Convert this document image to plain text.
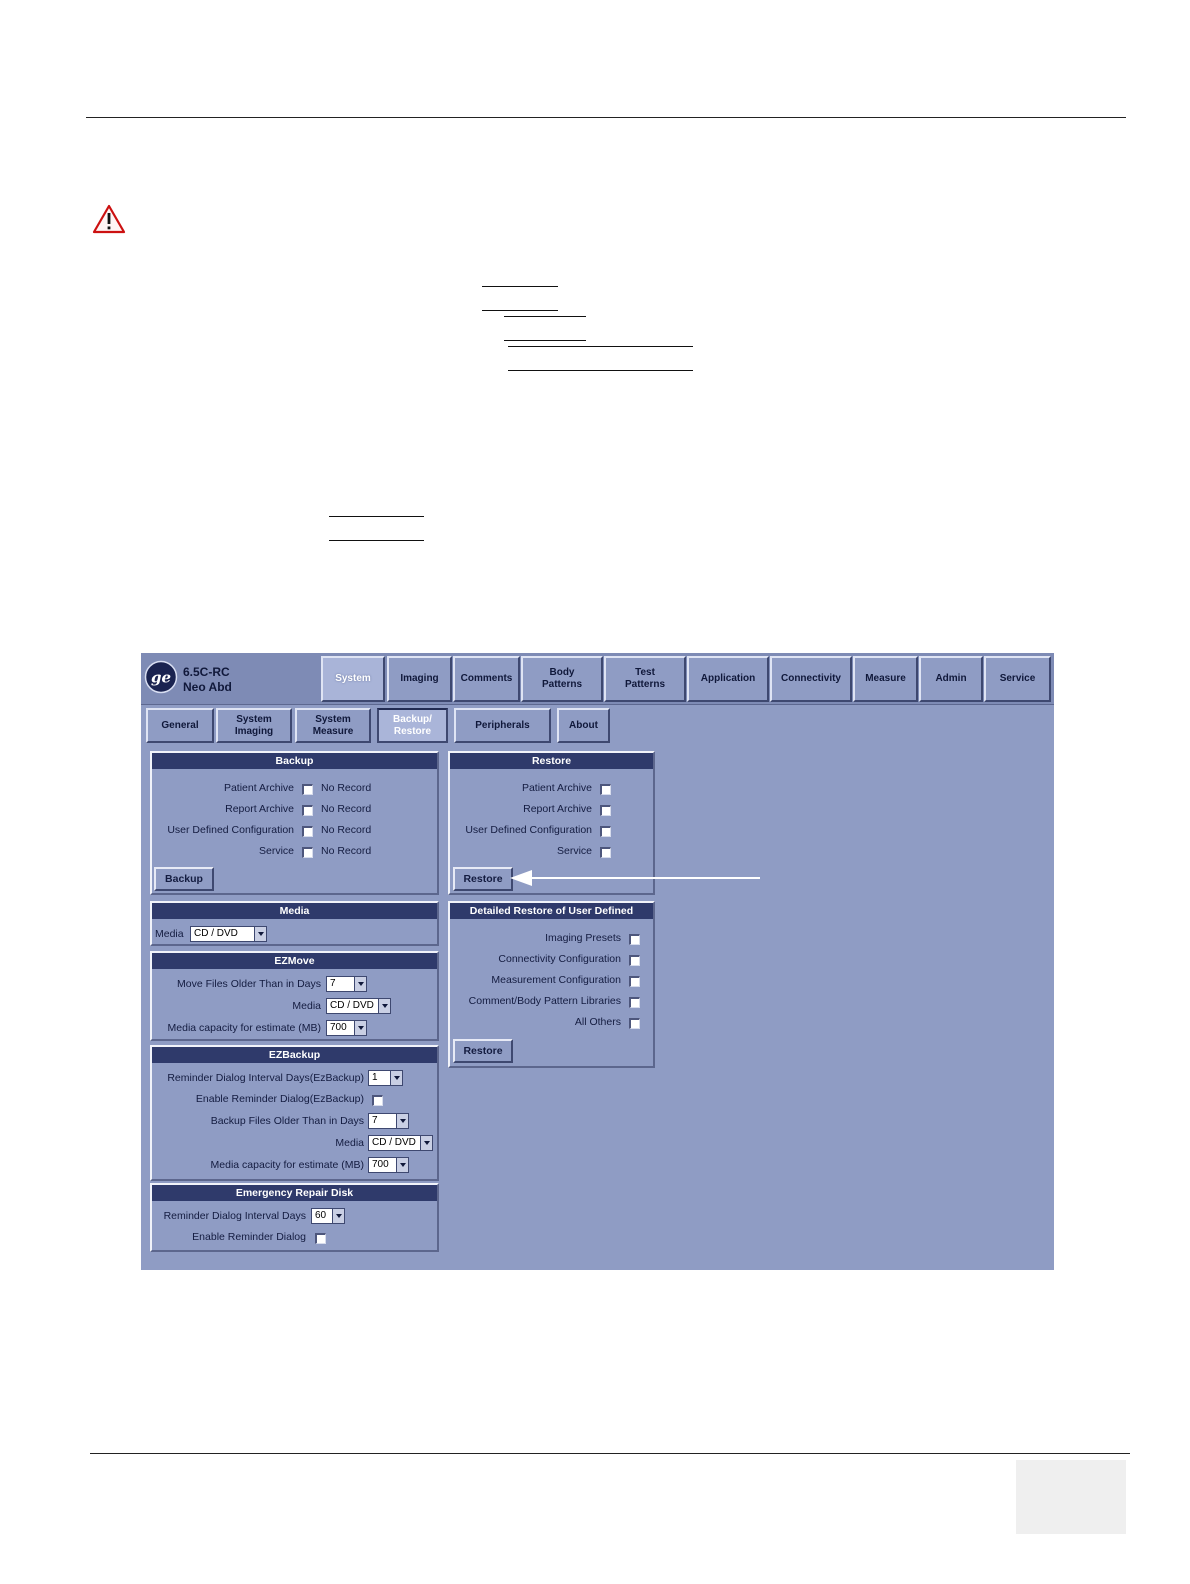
ge 6.5C-RC
Neo Abd
System	Imaging	Comments
Body
Patterns
Test
Patterns
Application	Connectivity	Measure	Admin	Service
General
System
Imaging
System
Measure
Backup/
Restore
Peripherals	About
Backup
Patient Archive	No Record
Report Archive	No Record
User Defined Configuration	No Record
Service	No Record
Backup
Restore
Patient Archive
Report Archive
User Defined Configuration
Service
Restore
Media
Media	CD / DVD
EZMove
Move Files Older Than in Days 7
Media CD / DVD
Media capacity for estimate (MB) 700
EZBackup
Reminder Dialog Interval Days(EzBackup) 1
Enable Reminder Dialog(EzBackup)
Backup Files Older Than in Days 7
Media CD / DVD
Media capacity for estimate (MB) 700
Emergency Repair Disk
Reminder Dialog Interval Days 60
Enable Reminder Dialog
Detailed Restore of User Defined
Imaging Presets
Connectivity Configuration
Measurement Configuration
Comment/Body Pattern Libraries
All Others
Restore
